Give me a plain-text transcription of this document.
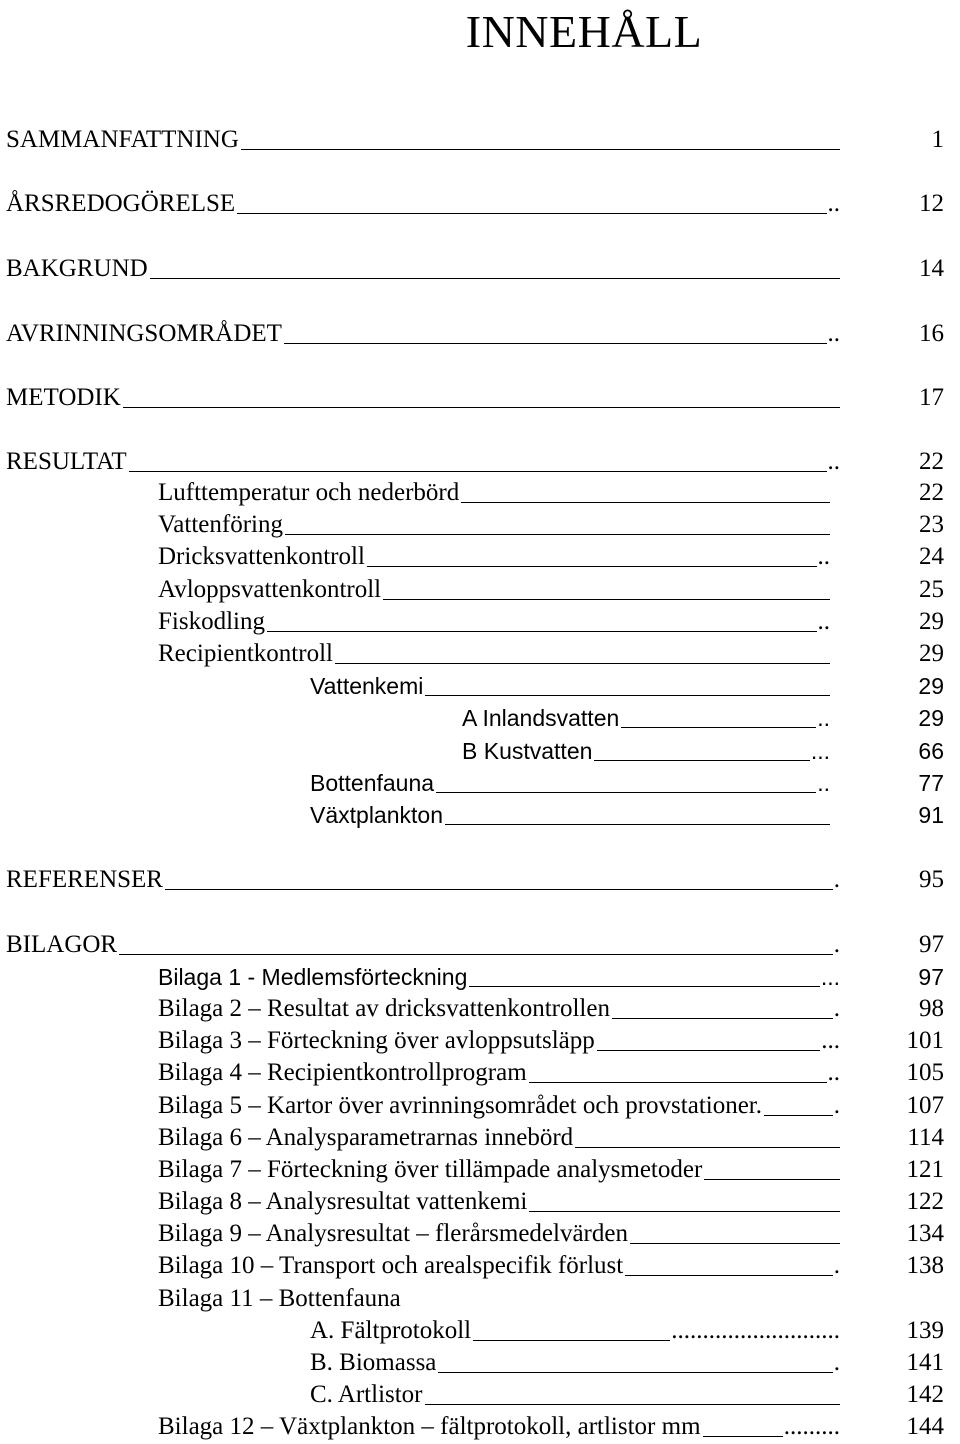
INNEHÅLL
SAMMANFATTNING	1
ÅRSREDOGÖRELSE	..	12
BAKGRUND	14
AVRINNINGSOMRÅDET	..	16
METODIK	17
RESULTAT	..	22
Lufttemperatur och nederbörd	22
Vattenföring	23
Dricksvattenkontroll	..	24
Avloppsvattenkontroll	25
Fiskodling	..	29
Recipientkontroll	29
Vattenkemi	29
A Inlandsvatten	..	29
B Kustvatten	...	66
Bottenfauna	..	77
Växtplankton	91
REFERENSER	.	95
BILAGOR	.	97
Bilaga 1 - Medlemsförteckning	...	97
Bilaga 2 – Resultat av dricksvattenkontrollen	.	98
Bilaga 3 – Förteckning över avloppsutsläpp	...	101
Bilaga 4 – Recipientkontrollprogram	..	105
Bilaga 5 – Kartor över avrinningsområdet och provstationer.	.	107
Bilaga 6 – Analysparametrarnas innebörd	114
Bilaga 7 – Förteckning över tillämpade analysmetoder	121
Bilaga 8 – Analysresultat vattenkemi	122
Bilaga 9 – Analysresultat – flerårsmedelvärden	134
Bilaga 10 – Transport och arealspecifik förlust	.	138
Bilaga 11 – Bottenfauna
A. Fältprotokoll	...........................	139
B. Biomassa	.	141
C. Artlistor	142
Bilaga 12 – Växtplankton – fältprotokoll, artlistor mm	.........	144
